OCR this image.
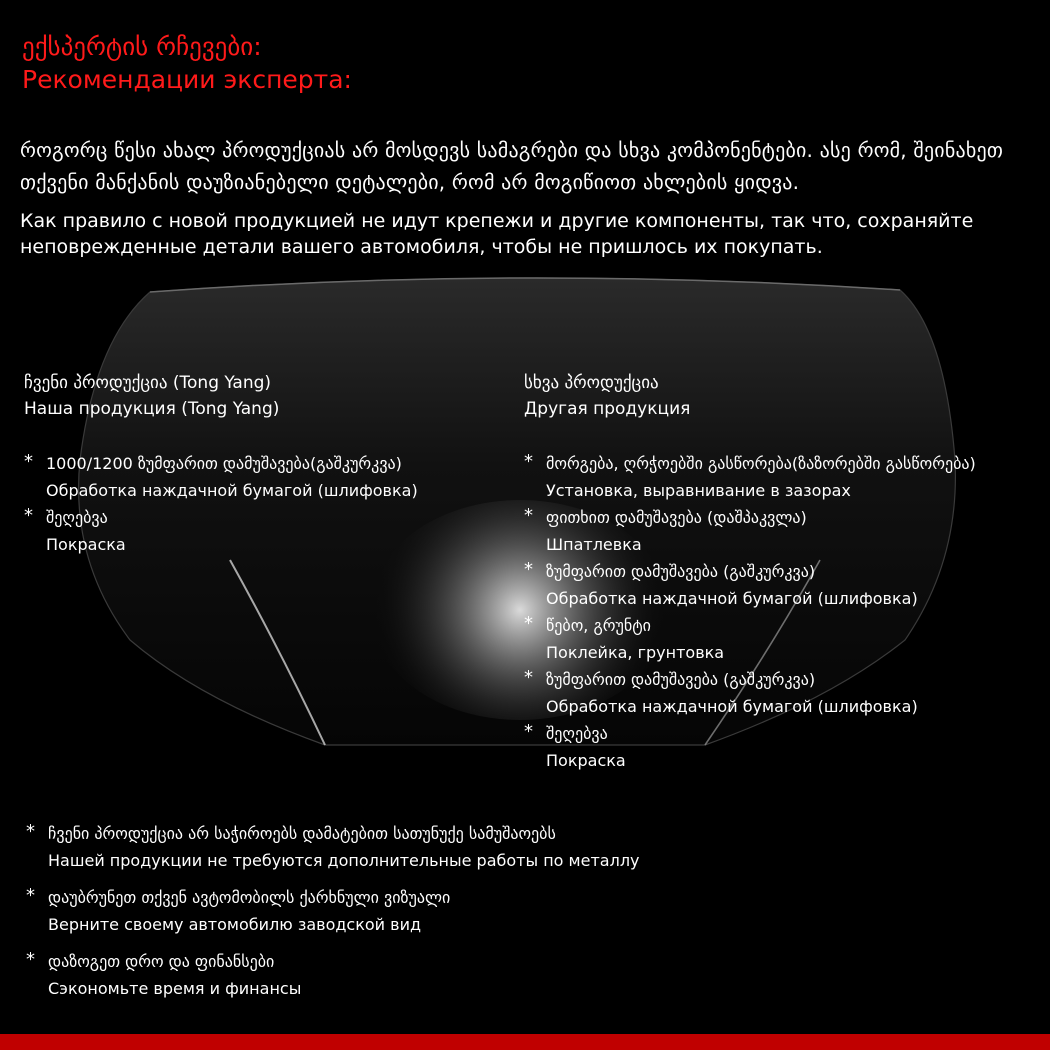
ექსპერტის რჩევები:
Рекомендации эксперта:
როგორც წესი ახალ პროდუქციას არ მოსდევს სამაგრები და სხვა კომპონენტები. ასე რომ, შეინახეთ თქვენი მანქანის დაუზიანებელი დეტალები, რომ არ მოგიწიოთ ახლების ყიდვა.
Как правило с новой продукцией не идут крепежи и другие компоненты, так что, сохраняйте неповрежденные детали вашего автомобиля, чтобы не пришлось их покупать.
ჩვენი პროდუქცია (Tong Yang)
Наша продукция (Tong Yang)
* 1000/1200 ზუმფარით დამუშავება(გაშკურკვა)
Обработка наждачной бумагой (шлифовка)
* შეღებვა
Покраска
სხვა პროდუქცია
Другая продукция
* მორგება, ღრჭოებში გასწორება(ზაზორებში გასწორება)
Установка, выравнивание в зазорах
* ფითხით დამუშავება (დაშპაკვლა)
Шпатлевка
* ზუმფარით დამუშავება (გაშკურკვა)
Обработка наждачной бумагой (шлифовка)
* წებო, გრუნტი
Поклейка, грунтовка
* ზუმფარით დამუშავება (გაშკურკვა)
Обработка наждачной бумагой (шлифовка)
* შეღებვა
Покраска
* ჩვენი პროდუქცია არ საჭიროებს დამატებით სათუნუქე სამუშაოებს
Нашей продукции не требуются дополнительные работы по металлу
* დაუბრუნეთ თქვენ ავტომობილს ქარხნული ვიზუალი
Верните своему автомобилю заводской вид
* დაზოგეთ დრო და ფინანსები
Сэкономьте время и финансы
